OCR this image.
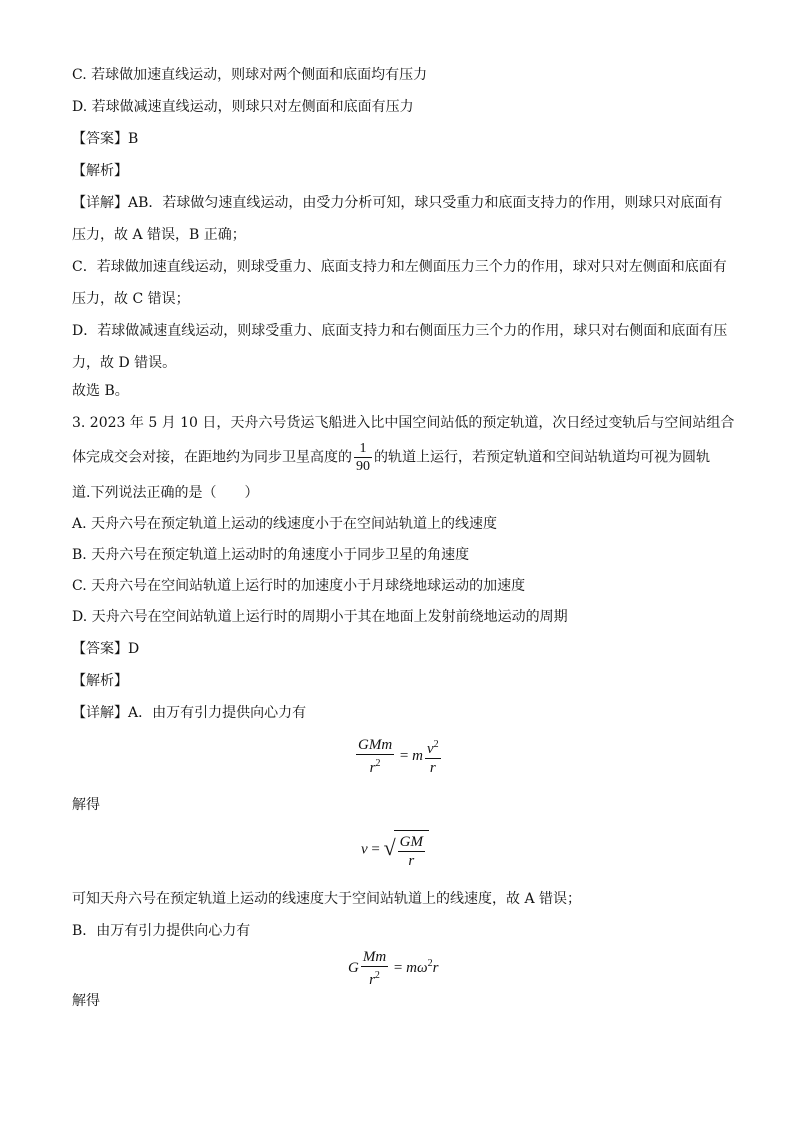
C. 若球做加速直线运动，则球对两个侧面和底面均有压力
D. 若球做减速直线运动，则球只对左侧面和底面有压力
【答案】B
【解析】
【详解】AB．若球做匀速直线运动，由受力分析可知，球只受重力和底面支持力的作用，则球只对底面有
压力，故 A 错误，B 正确；
C．若球做加速直线运动，则球受重力、底面支持力和左侧面压力三个力的作用，球对只对左侧面和底面有
压力，故 C 错误；
D．若球做减速直线运动，则球受重力、底面支持力和右侧面压力三个力的作用，球只对右侧面和底面有压
力，故 D 错误。
故选 B。
3. 2023 年 5 月 10 日，天舟六号货运飞船进入比中国空间站低的预定轨道，次日经过变轨后与空间站组合
体完成交会对接，在距地约为同步卫星高度的 $\frac{1}{90}$ 的轨道上运行，若预定轨道和空间站轨道均可视为圆轨
道.下列说法正确的是（　　）
A. 天舟六号在预定轨道上运动的线速度小于在空间站轨道上的线速度
B. 天舟六号在预定轨道上运动时的角速度小于同步卫星的角速度
C. 天舟六号在空间站轨道上运行时的加速度小于月球绕地球运动的加速度
D. 天舟六号在空间站轨道上运行时的周期小于其在地面上发射前绕地运动的周期
【答案】D
【解析】
【详解】A．由万有引力提供向心力有
$\frac{\text{GMm}}{r^2} = m \frac{v^2}{r}$
解得
v = √ $\frac{GM}{r}$
可知天舟六号在预定轨道上运动的线速度大于空间站轨道上的线速度，故 A 错误；
B．由万有引力提供向心力有
G $\frac{Mm}{r^2} = m\omega^2r$
解得
